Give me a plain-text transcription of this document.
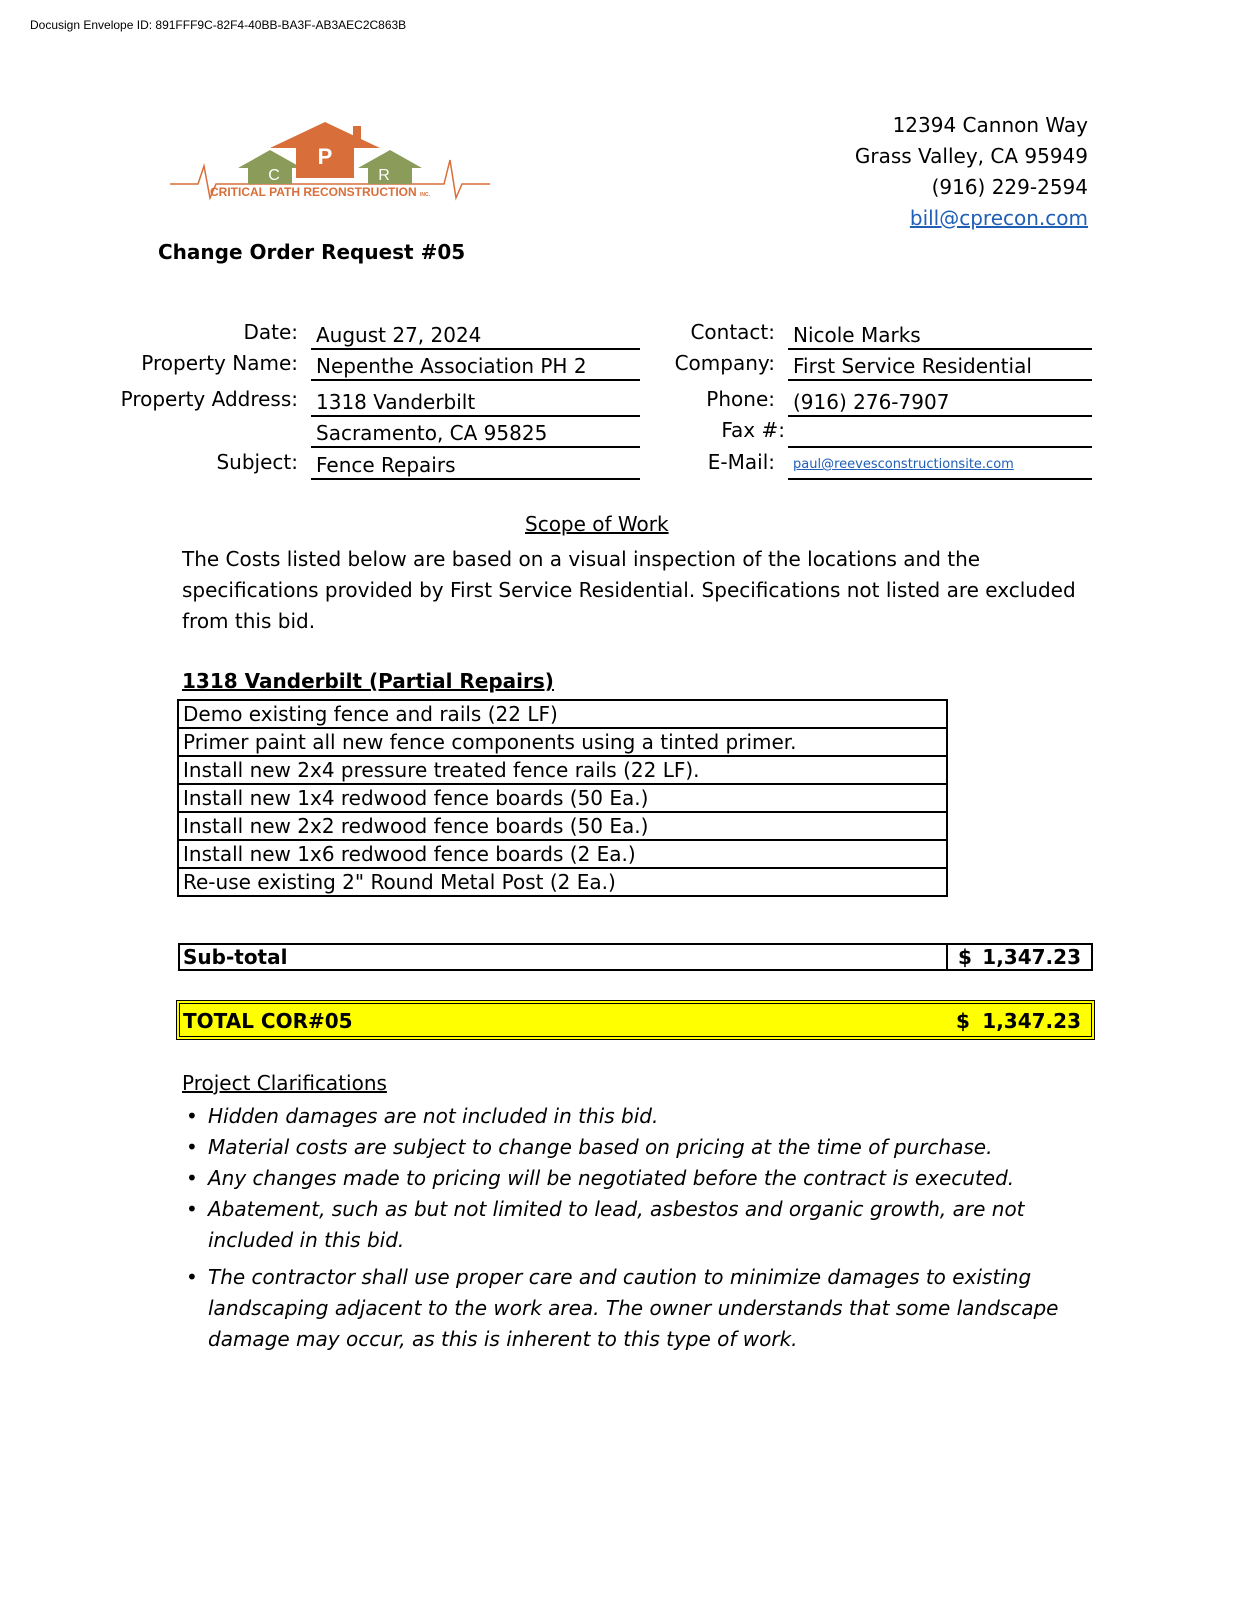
Docusign Envelope ID: 891FFF9C-82F4-40BB-BA3F-AB3AEC2C863B
P
C	R
CRITICAL PATH RECONSTRUCTION INC.
12394 Cannon Way
Grass Valley, CA 95949
(916) 229-2594
bill@cprecon.com
Change Order Request #05
Date: August 27, 2024
Property Name: Nepenthe Association PH 2
Property Address: 1318 Vanderbilt
Sacramento, CA 95825
Subject: Fence Repairs
Contact: Nicole Marks
Company: First Service Residential
Phone: (916) 276-7907
Fax #:
E-Mail:	paul@reevesconstructionsite.com
Scope of Work
The Costs listed below are based on a visual inspection of the locations and the specifications provided by First Service Residential. Specifications not listed are excluded from this bid.
1318 Vanderbilt (Partial Repairs)
Demo existing fence and rails (22 LF)
Primer paint all new fence components using a tinted primer.
Install new 2x4 pressure treated fence rails (22 LF).
Install new 1x4 redwood fence boards (50 Ea.)
Install new 2x2 redwood fence boards (50 Ea.)
Install new 1x6 redwood fence boards (2 Ea.)
Re-use existing 2" Round Metal Post (2 Ea.)
Sub-total	$ 1,347.23
TOTAL COR#05	$ 1,347.23
Project Clarifications
• Hidden damages are not included in this bid.
• Material costs are subject to change based on pricing at the time of purchase.
• Any changes made to pricing will be negotiated before the contract is executed.
• Abatement, such as but not limited to lead, asbestos and organic growth, are not included in this bid.
• The contractor shall use proper care and caution to minimize damages to existing landscaping adjacent to the work area. The owner understands that some landscape damage may occur, as this is inherent to this type of work.
